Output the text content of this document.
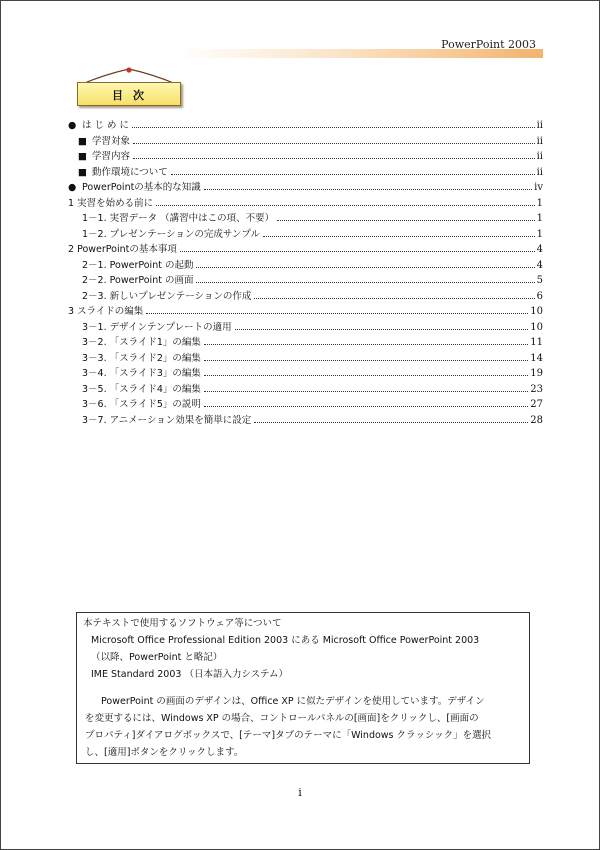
PowerPoint 2003
目次
● は じ め に	ii
■ 学習対象	ii
■ 学習内容	ii
■ 動作環境について	ii
● PowerPointの基本的な知識	iv
1 実習を始める前に	1
1－1. 実習データ （講習中はこの項、不要）	1
1－2. プレゼンテーションの完成サンプル	1
2 PowerPointの基本事項	4
2－1. PowerPoint の起動	4
2－2. PowerPoint の画面	5
2－3. 新しいプレゼンテーションの作成	6
3 スライドの編集	10
3－1. デザインテンプレートの適用	10
3－2. 「スライド1」の編集	11
3－3. 「スライド2」の編集	14
3－4. 「スライド3」の編集	19
3－5. 「スライド4」の編集	23
3－6. 「スライド5」の説明	27
3－7. アニメーション効果を簡単に設定	28
本テキストで使用するソフトウェア等について
Microsoft Office Professional Edition 2003 にある Microsoft Office PowerPoint 2003
（以降、PowerPoint と略記）
IME Standard 2003 （日本語入力システム）
PowerPoint の画面のデザインは、Office XP に似たデザインを使用しています。デザイン
を変更するには、Windows XP の場合、コントロールパネルの[画面]をクリックし、[画面の
プロパティ]ダイアログボックスで、[テーマ]タブのテーマに「Windows クラッシック」を選択
し、[適用]ボタンをクリックします。
i
